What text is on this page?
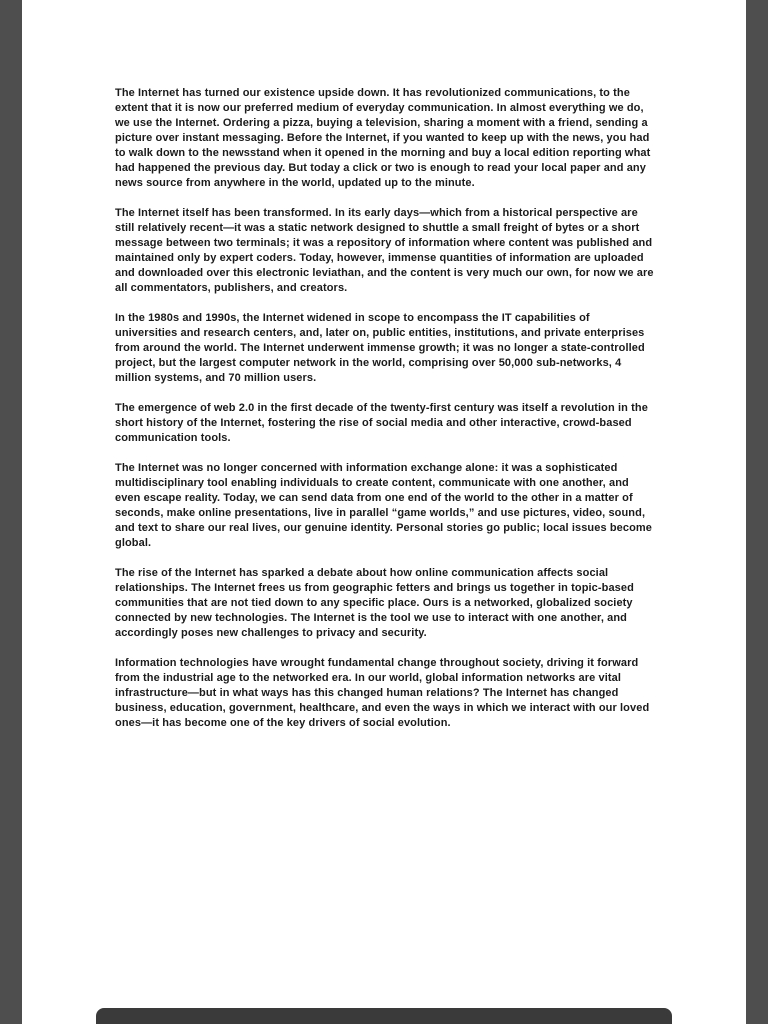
The Internet has turned our existence upside down. It has revolutionized communications, to the extent that it is now our preferred medium of everyday communication. In almost everything we do, we use the Internet. Ordering a pizza, buying a television, sharing a moment with a friend, sending a picture over instant messaging. Before the Internet, if you wanted to keep up with the news, you had to walk down to the newsstand when it opened in the morning and buy a local edition reporting what had happened the previous day. But today a click or two is enough to read your local paper and any news source from anywhere in the world, updated up to the minute.

The Internet itself has been transformed. In its early days—which from a historical perspective are still relatively recent—it was a static network designed to shuttle a small freight of bytes or a short message between two terminals; it was a repository of information where content was published and maintained only by expert coders. Today, however, immense quantities of information are uploaded and downloaded over this electronic leviathan, and the content is very much our own, for now we are all commentators, publishers, and creators.

In the 1980s and 1990s, the Internet widened in scope to encompass the IT capabilities of universities and research centers, and, later on, public entities, institutions, and private enterprises from around the world. The Internet underwent immense growth; it was no longer a state-controlled project, but the largest computer network in the world, comprising over 50,000 sub-networks, 4 million systems, and 70 million users.

The emergence of web 2.0 in the first decade of the twenty-first century was itself a revolution in the short history of the Internet, fostering the rise of social media and other interactive, crowd-based communication tools.

The Internet was no longer concerned with information exchange alone: it was a sophisticated multidisciplinary tool enabling individuals to create content, communicate with one another, and even escape reality. Today, we can send data from one end of the world to the other in a matter of seconds, make online presentations, live in parallel “game worlds,” and use pictures, video, sound, and text to share our real lives, our genuine identity. Personal stories go public; local issues become global.

The rise of the Internet has sparked a debate about how online communication affects social relationships. The Internet frees us from geographic fetters and brings us together in topic-based communities that are not tied down to any specific place. Ours is a networked, globalized society connected by new technologies. The Internet is the tool we use to interact with one another, and accordingly poses new challenges to privacy and security.

Information technologies have wrought fundamental change throughout society, driving it forward from the industrial age to the networked era. In our world, global information networks are vital infrastructure—but in what ways has this changed human relations? The Internet has changed business, education, government, healthcare, and even the ways in which we interact with our loved ones—it has become one of the key drivers of social evolution.
